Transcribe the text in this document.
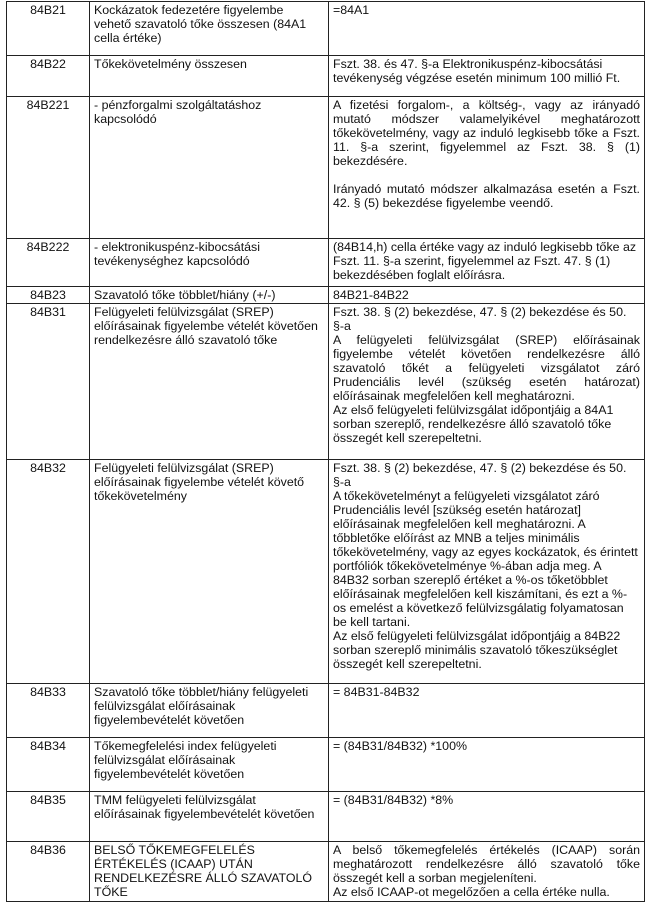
84B21	Kockázatok fedezetére figyelembe vehető szavatoló tőke összesen (84A1 cella értéke)	=84A1

84B22	Tőkekövetelmény összesen	Fszt. 38. és 47. §-a Elektronikuspénz-kibocsátási tevékenység végzése esetén minimum 100 millió Ft.

84B221	- pénzforgalmi szolgáltatáshoz kapcsolódó	A fizetési forgalom-, a költség-, vagy az irányadó mutató módszer valamelyikével meghatározott tőkekövetelmény, vagy az induló legkisebb tőke a Fszt. 11. §-a szerint, figyelemmel az Fszt. 38. § (1) bekezdésére.
Irányadó mutató módszer alkalmazása esetén a Fszt. 42. § (5) bekezdése figyelembe veendő.

84B222	- elektronikuspénz-kibocsátási tevékenységhez kapcsolódó	(84B14,h) cella értéke vagy az induló legkisebb tőke az Fszt. 11. §-a szerint, figyelemmel az Fszt. 47. § (1) bekezdésében foglalt előírásra.

84B23	Szavatoló tőke többlet/hiány (+/-)	84B21-84B22

84B31	Felügyeleti felülvizsgálat (SREP) előírásainak figyelembe vételét követően rendelkezésre álló szavatoló tőke	Fszt. 38. § (2) bekezdése, 47. § (2) bekezdése és 50. §-a
A felügyeleti felülvizsgálat (SREP) előírásainak figyelembe vételét követően rendelkezésre álló szavatoló tőkét a felügyeleti vizsgálatot záró Prudenciális levél (szükség esetén határozat) előírásainak megfelelően kell meghatározni.
Az első felügyeleti felülvizsgálat időpontjáig a 84A1 sorban szereplő, rendelkezésre álló szavatoló tőke összegét kell szerepeltetni.

84B32	Felügyeleti felülvizsgálat (SREP) előírásainak figyelembe vételét követő tőkekövetelmény	Fszt. 38. § (2) bekezdése, 47. § (2) bekezdése és 50. §-a
A tőkekövetelményt a felügyeleti vizsgálatot záró Prudenciális levél [szükség esetén határozat] előírásainak megfelelően kell meghatározni. A tőbbletőke előírást az MNB a teljes minimális tőkekövetelmény, vagy az egyes kockázatok, és érintett portfóliók tőkekövetelménye %-ában adja meg. A 84B32 sorban szereplő értéket a %-os tőketöbblet előírásainak megfelelően kell kiszámítani, és ezt a %-os emelést a következő felülvizsgálatig folyamatosan be kell tartani.
Az első felügyeleti felülvizsgálat időpontjáig a 84B22 sorban szereplő minimális szavatoló tőkeszükséglet összegét kell szerepeltetni.

84B33	Szavatoló tőke többlet/hiány felügyeleti felülvizsgálat előírásainak figyelembevételét követően	= 84B31-84B32

84B34	Tőkemegfelelési index felügyeleti felülvizsgálat előírásainak figyelembevételét követően	= (84B31/84B32) *100%

84B35	TMM felügyeleti felülvizsgálat előírásainak figyelembevételét követően	= (84B31/84B32) *8%

84B36	BELSŐ TŐKEMEGFELELÉS ÉRTÉKELÉS (ICAAP) UTÁN RENDELKEZÉSRE ÁLLÓ SZAVATOLÓ TŐKE	A belső tőkemegfelelés értékelés (ICAAP) során meghatározott rendelkezésre álló szavatoló tőke összegét kell a sorban megjeleníteni.
Az első ICAAP-ot megelőzően a cella értéke nulla.
